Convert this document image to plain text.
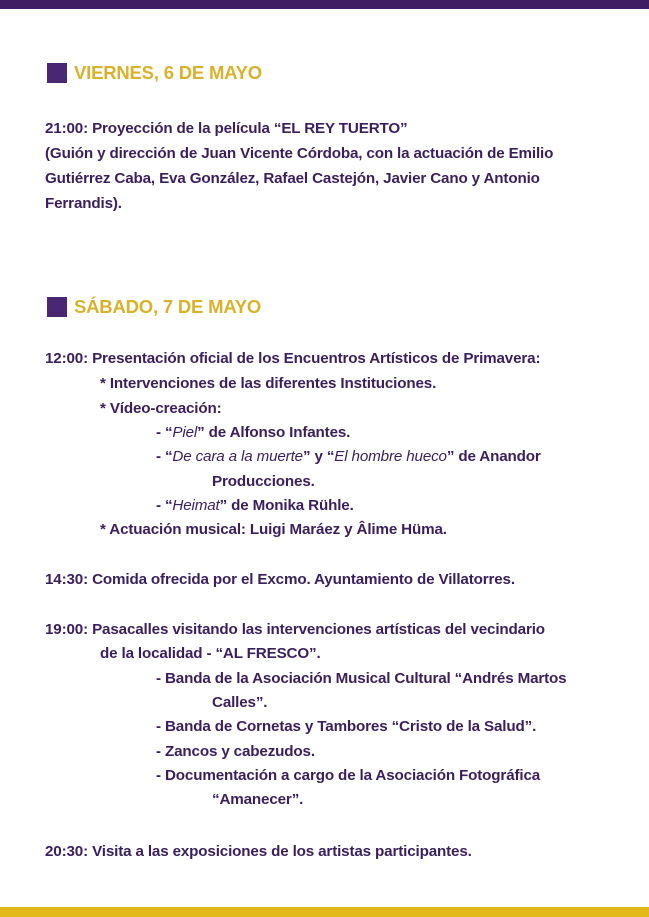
VIERNES, 6 DE MAYO
21:00: Proyección de la película “EL REY TUERTO”
(Guión y dirección de Juan Vicente Córdoba, con la actuación de Emilio
Gutiérrez Caba, Eva González, Rafael Castejón, Javier Cano y Antonio
Ferrandis).
SÁBADO, 7 DE MAYO
12:00: Presentación oficial de los Encuentros Artísticos de Primavera:
* Intervenciones de las diferentes Instituciones.
* Vídeo-creación:
- “Piel” de Alfonso Infantes.
- “De cara a la muerte” y “El hombre hueco” de Anandor
Producciones.
- “Heimat” de Monika Rühle.
* Actuación musical: Luigi Maráez y Âlime Hüma.
14:30: Comida ofrecida por el Excmo. Ayuntamiento de Villatorres.
19:00: Pasacalles visitando las intervenciones artísticas del vecindario
de la localidad - “AL FRESCO”.
- Banda de la Asociación Musical Cultural “Andrés Martos
Calles”.
- Banda de Cornetas y Tambores “Cristo de la Salud”.
- Zancos y cabezudos.
- Documentación a cargo de la Asociación Fotográfica
“Amanecer”.
20:30: Visita a las exposiciones de los artistas participantes.
